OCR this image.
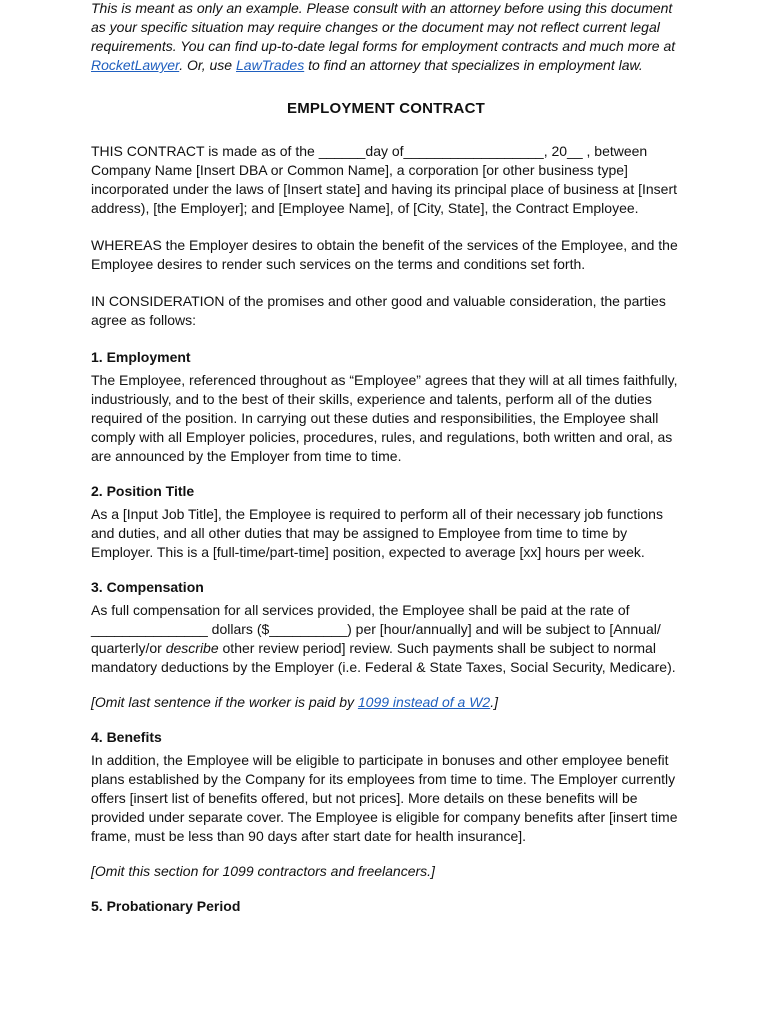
This is meant as only an example. Please consult with an attorney before using this document as your specific situation may require changes or the document may not reflect current legal requirements. You can find up-to-date legal forms for employment contracts and much more at RocketLawyer. Or, use LawTrades to find an attorney that specializes in employment law.

EMPLOYMENT CONTRACT

THIS CONTRACT is made as of the ______day of__________________, 20__ , between Company Name [Insert DBA or Common Name], a corporation [or other business type] incorporated under the laws of [Insert state] and having its principal place of business at [Insert address), [the Employer]; and [Employee Name], of [City, State], the Contract Employee.

WHEREAS the Employer desires to obtain the benefit of the services of the Employee, and the Employee desires to render such services on the terms and conditions set forth.

IN CONSIDERATION of the promises and other good and valuable consideration, the parties agree as follows:

1. Employment

The Employee, referenced throughout as “Employee” agrees that they will at all times faithfully, industriously, and to the best of their skills, experience and talents, perform all of the duties required of the position. In carrying out these duties and responsibilities, the Employee shall comply with all Employer policies, procedures, rules, and regulations, both written and oral, as are announced by the Employer from time to time.

2. Position Title

As a [Input Job Title], the Employee is required to perform all of their necessary job functions and duties, and all other duties that may be assigned to Employee from time to time by Employer. This is a [full-time/part-time] position, expected to average [xx] hours per week.

3. Compensation

As full compensation for all services provided, the Employee shall be paid at the rate of _______________ dollars ($__________) per [hour/annually] and will be subject to [Annual/ quarterly/or describe other review period] review. Such payments shall be subject to normal mandatory deductions by the Employer (i.e. Federal & State Taxes, Social Security, Medicare).

[Omit last sentence if the worker is paid by 1099 instead of a W2.]

4. Benefits

In addition, the Employee will be eligible to participate in bonuses and other employee benefit plans established by the Company for its employees from time to time. The Employer currently offers [insert list of benefits offered, but not prices]. More details on these benefits will be provided under separate cover. The Employee is eligible for company benefits after [insert time frame, must be less than 90 days after start date for health insurance].

[Omit this section for 1099 contractors and freelancers.]

5. Probationary Period
